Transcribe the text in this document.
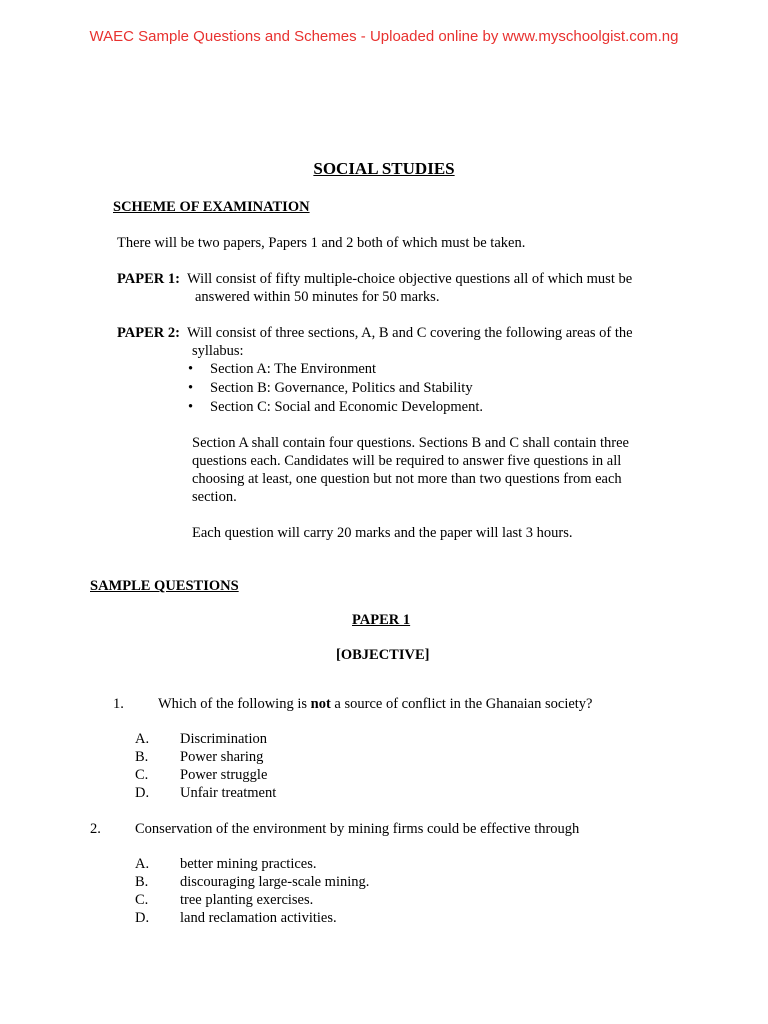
WAEC Sample Questions and Schemes - Uploaded online by www.myschoolgist.com.ng
SOCIAL STUDIES
SCHEME OF EXAMINATION
There will be two papers, Papers 1 and 2 both of which must be taken.
PAPER 1: Will consist of fifty multiple-choice objective questions all of which must be
answered within 50 minutes for 50 marks.
PAPER 2: Will consist of three sections, A, B and C covering the following areas of the
syllabus:
• Section A: The Environment
• Section B: Governance, Politics and Stability
• Section C: Social and Economic Development.
Section A shall contain four questions. Sections B and C shall contain three
questions each. Candidates will be required to answer five questions in all
choosing at least, one question but not more than two questions from each
section.
Each question will carry 20 marks and the paper will last 3 hours.
SAMPLE QUESTIONS
PAPER 1
[OBJECTIVE]
1. Which of the following is not a source of conflict in the Ghanaian society?
A. Discrimination
B. Power sharing
C. Power struggle
D. Unfair treatment
2. Conservation of the environment by mining firms could be effective through
A. better mining practices.
B. discouraging large-scale mining.
C. tree planting exercises.
D. land reclamation activities.
